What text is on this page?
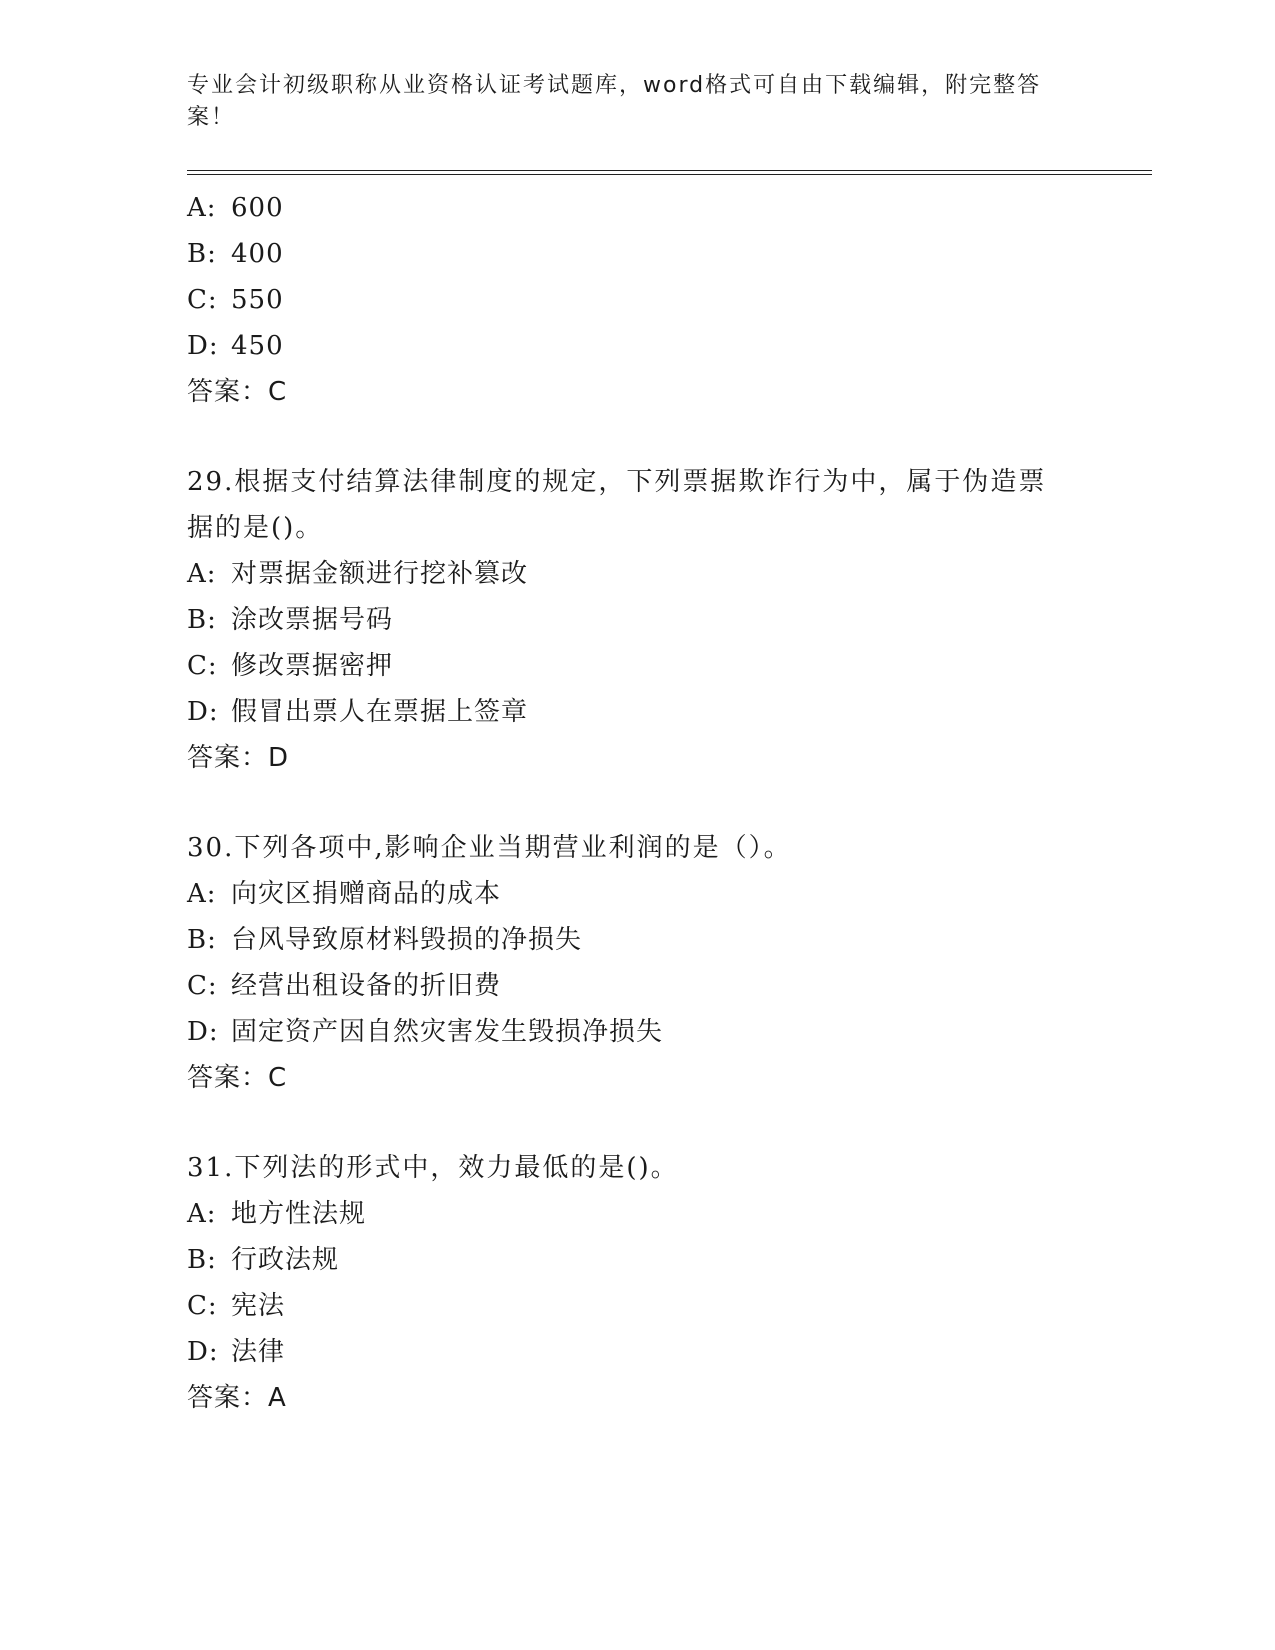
专业会计初级职称从业资格认证考试题库，word格式可自由下载编辑，附完整答案！

A: 600
B: 400
C: 550
D: 450
答案：C
29.根据支付结算法律制度的规定，下列票据欺诈行为中，属于伪造票据的是()。
A: 对票据金额进行挖补篡改
B: 涂改票据号码
C: 修改票据密押
D: 假冒出票人在票据上签章
答案：D
30.下列各项中,影响企业当期营业利润的是（）。
A: 向灾区捐赠商品的成本
B: 台风导致原材料毁损的净损失
C: 经营出租设备的折旧费
D: 固定资产因自然灾害发生毁损净损失
答案：C
31.下列法的形式中，效力最低的是()。
A: 地方性法规
B: 行政法规
C: 宪法
D: 法律
答案：A
